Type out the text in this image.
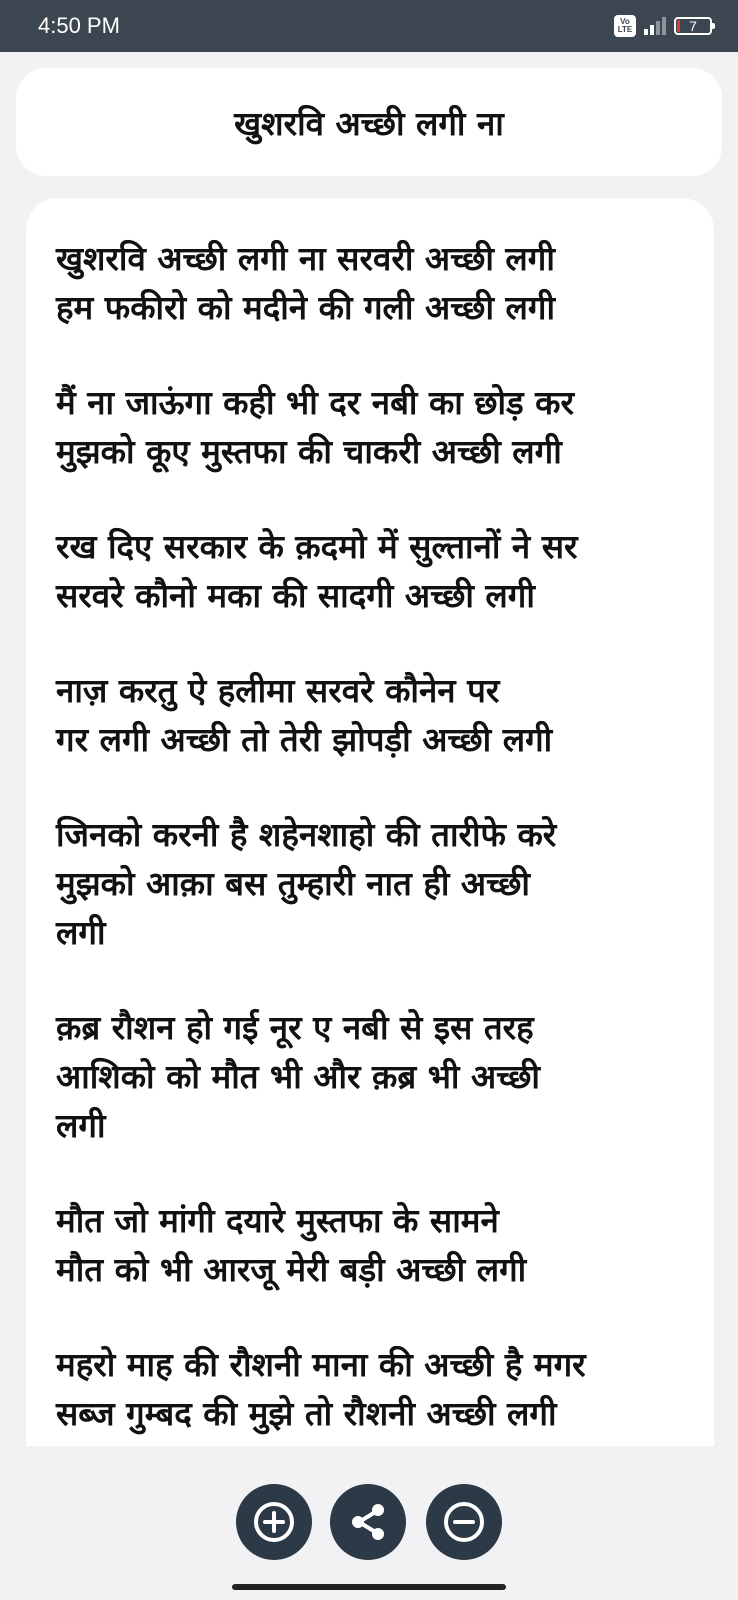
4:50 PM	Vo
LTE	7
खुशरवि अच्छी लगी ना
खुशरवि अच्छी लगी ना सरवरी अच्छी लगी
हम फकीरो को मदीने की गली अच्छी लगी
मैं ना जाऊंगा कही भी दर नबी का छोड़ कर
मुझको कूए मुस्तफा की चाकरी अच्छी लगी
रख दिए सरकार के क़दमो में सुल्तानों ने सर
सरवरे कौनो मका की सादगी अच्छी लगी
नाज़ करतु ऐ हलीमा सरवरे कौनेन पर
गर लगी अच्छी तो तेरी झोपड़ी अच्छी लगी
जिनको करनी है शहेनशाहो की तारीफे करे
मुझको आक़ा बस तुम्हारी नात ही अच्छी
लगी
क़ब्र रौशन हो गई नूर ए नबी से इस तरह
आशिको को मौत भी और क़ब्र भी अच्छी
लगी
मौत जो मांगी दयारे मुस्तफा के सामने
मौत को भी आरजू मेरी बड़ी अच्छी लगी
महरो माह की रौशनी माना की अच्छी है मगर
सब्ज गुम्बद की मुझे तो रौशनी अच्छी लगी
